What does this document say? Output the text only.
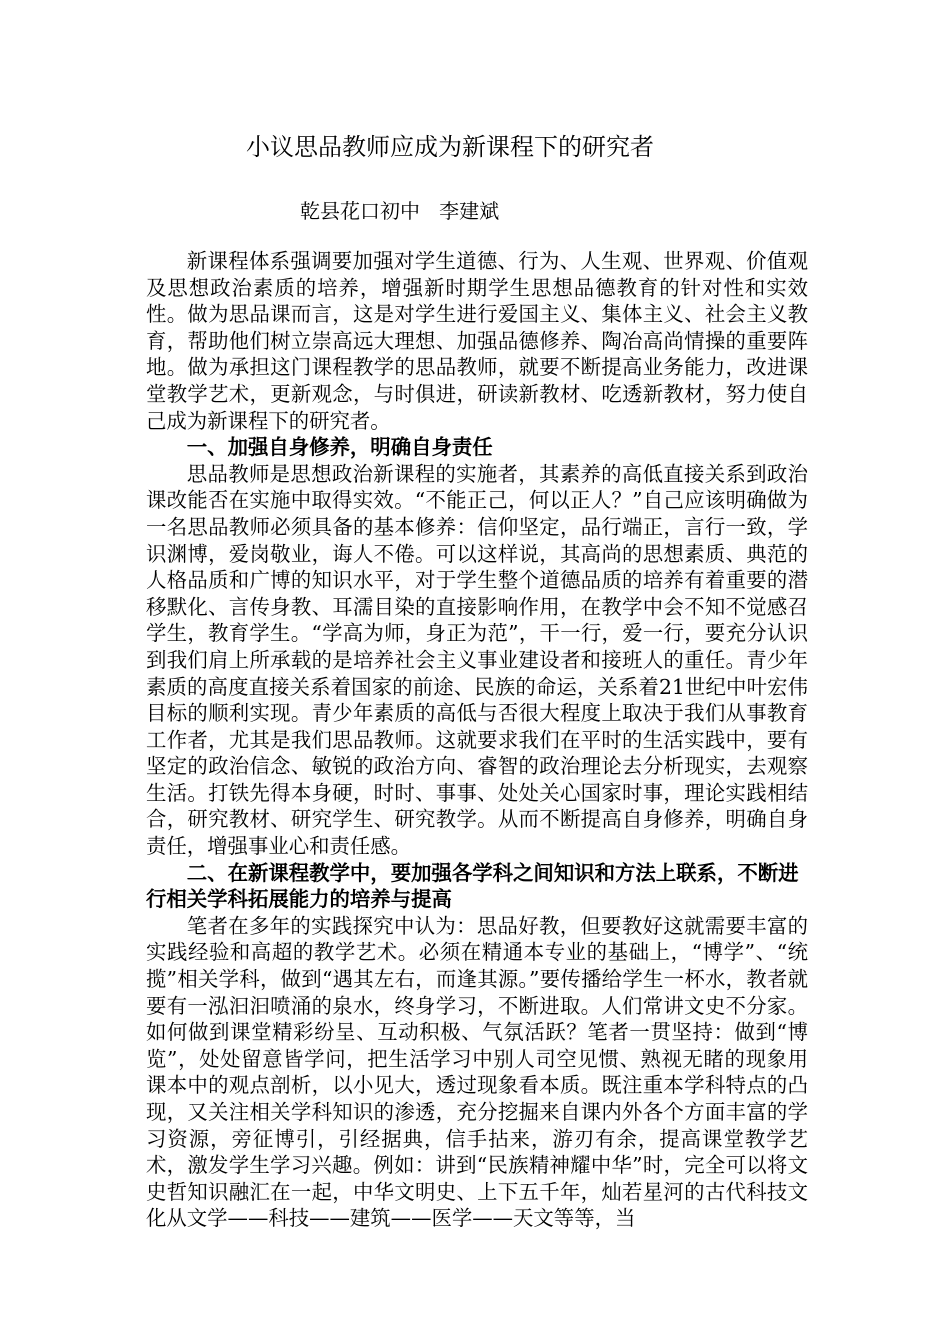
小议思品教师应成为新课程下的研究者
乾县花口初中   李建斌

新课程体系强调要加强对学生道德、行为、人生观、世界观、价值观及思想政治素质的培养，增强新时期学生思想品德教育的针对性和实效性。做为思品课而言，这是对学生进行爱国主义、集体主义、社会主义教育，帮助他们树立崇高远大理想、加强品德修养、陶冶高尚情操的重要阵地。做为承担这门课程教学的思品教师，就要不断提高业务能力，改进课堂教学艺术，更新观念，与时俱进，研读新教材、吃透新教材，努力使自己成为新课程下的研究者。

一、加强自身修养，明确自身责任

思品教师是思想政治新课程的实施者，其素养的高低直接关系到政治课改能否在实施中取得实效。“不能正己，何以正人？”自己应该明确做为一名思品教师必须具备的基本修养：信仰坚定，品行端正，言行一致，学识渊博，爱岗敬业，诲人不倦。可以这样说，其高尚的思想素质、典范的人格品质和广博的知识水平，对于学生整个道德品质的培养有着重要的潜移默化、言传身教、耳濡目染的直接影响作用，在教学中会不知不觉感召学生，教育学生。“学高为师，身正为范”，干一行，爱一行，要充分认识到我们肩上所承载的是培养社会主义事业建设者和接班人的重任。青少年素质的高度直接关系着国家的前途、民族的命运，关系着21世纪中叶宏伟目标的顺利实现。青少年素质的高低与否很大程度上取决于我们从事教育工作者，尤其是我们思品教师。这就要求我们在平时的生活实践中，要有坚定的政治信念、敏锐的政治方向、睿智的政治理论去分析现实，去观察生活。打铁先得本身硬，时时、事事、处处关心国家时事，理论实践相结合，研究教材、研究学生、研究教学。从而不断提高自身修养，明确自身责任，增强事业心和责任感。

二、在新课程教学中，要加强各学科之间知识和方法上联系，不断进行相关学科拓展能力的培养与提高

笔者在多年的实践探究中认为：思品好教，但要教好这就需要丰富的实践经验和高超的教学艺术。必须在精通本专业的基础上，“博学”、“统揽”相关学科，做到“遇其左右，而逢其源。”要传播给学生一杯水，教者就要有一泓汩汩喷涌的泉水，终身学习，不断进取。人们常讲文史不分家。如何做到课堂精彩纷呈、互动积极、气氛活跃？笔者一贯坚持：做到“博览”，处处留意皆学问，把生活学习中别人司空见惯、熟视无睹的现象用课本中的观点剖析，以小见大，透过现象看本质。既注重本学科特点的凸现，又关注相关学科知识的渗透，充分挖掘来自课内外各个方面丰富的学习资源，旁征博引，引经据典，信手拈来，游刃有余，提高课堂教学艺术，激发学生学习兴趣。例如：讲到“民族精神耀中华”时，完全可以将文史哲知识融汇在一起，中华文明史、上下五千年，灿若星河的古代科技文化从文学——科技——建筑——医学——天文等等，当
